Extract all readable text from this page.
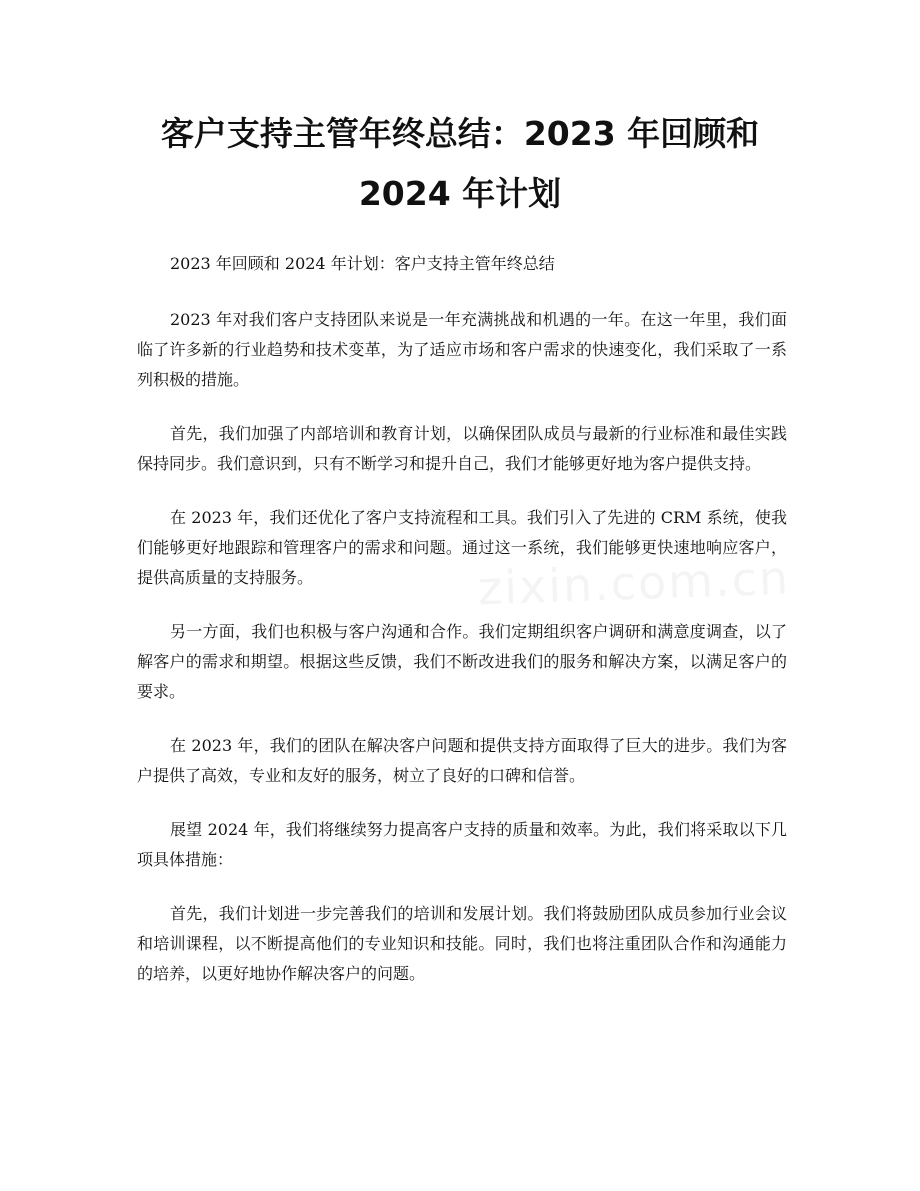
客户支持主管年终总结：2023 年回顾和 2024 年计划

2023 年回顾和 2024 年计划：客户支持主管年终总结

2023 年对我们客户支持团队来说是一年充满挑战和机遇的一年。在这一年里，我们面临了许多新的行业趋势和技术变革，为了适应市场和客户需求的快速变化，我们采取了一系列积极的措施。

首先，我们加强了内部培训和教育计划，以确保团队成员与最新的行业标准和最佳实践保持同步。我们意识到，只有不断学习和提升自己，我们才能够更好地为客户提供支持。

在 2023 年，我们还优化了客户支持流程和工具。我们引入了先进的 CRM 系统，使我们能够更好地跟踪和管理客户的需求和问题。通过这一系统，我们能够更快速地响应客户，提供高质量的支持服务。

另一方面，我们也积极与客户沟通和合作。我们定期组织客户调研和满意度调查，以了解客户的需求和期望。根据这些反馈，我们不断改进我们的服务和解决方案，以满足客户的要求。

在 2023 年，我们的团队在解决客户问题和提供支持方面取得了巨大的进步。我们为客户提供了高效，专业和友好的服务，树立了良好的口碑和信誉。

展望 2024 年，我们将继续努力提高客户支持的质量和效率。为此，我们将采取以下几项具体措施：

首先，我们计划进一步完善我们的培训和发展计划。我们将鼓励团队成员参加行业会议和培训课程，以不断提高他们的专业知识和技能。同时，我们也将注重团队合作和沟通能力的培养，以更好地协作解决客户的问题。

zixin.com.cn
